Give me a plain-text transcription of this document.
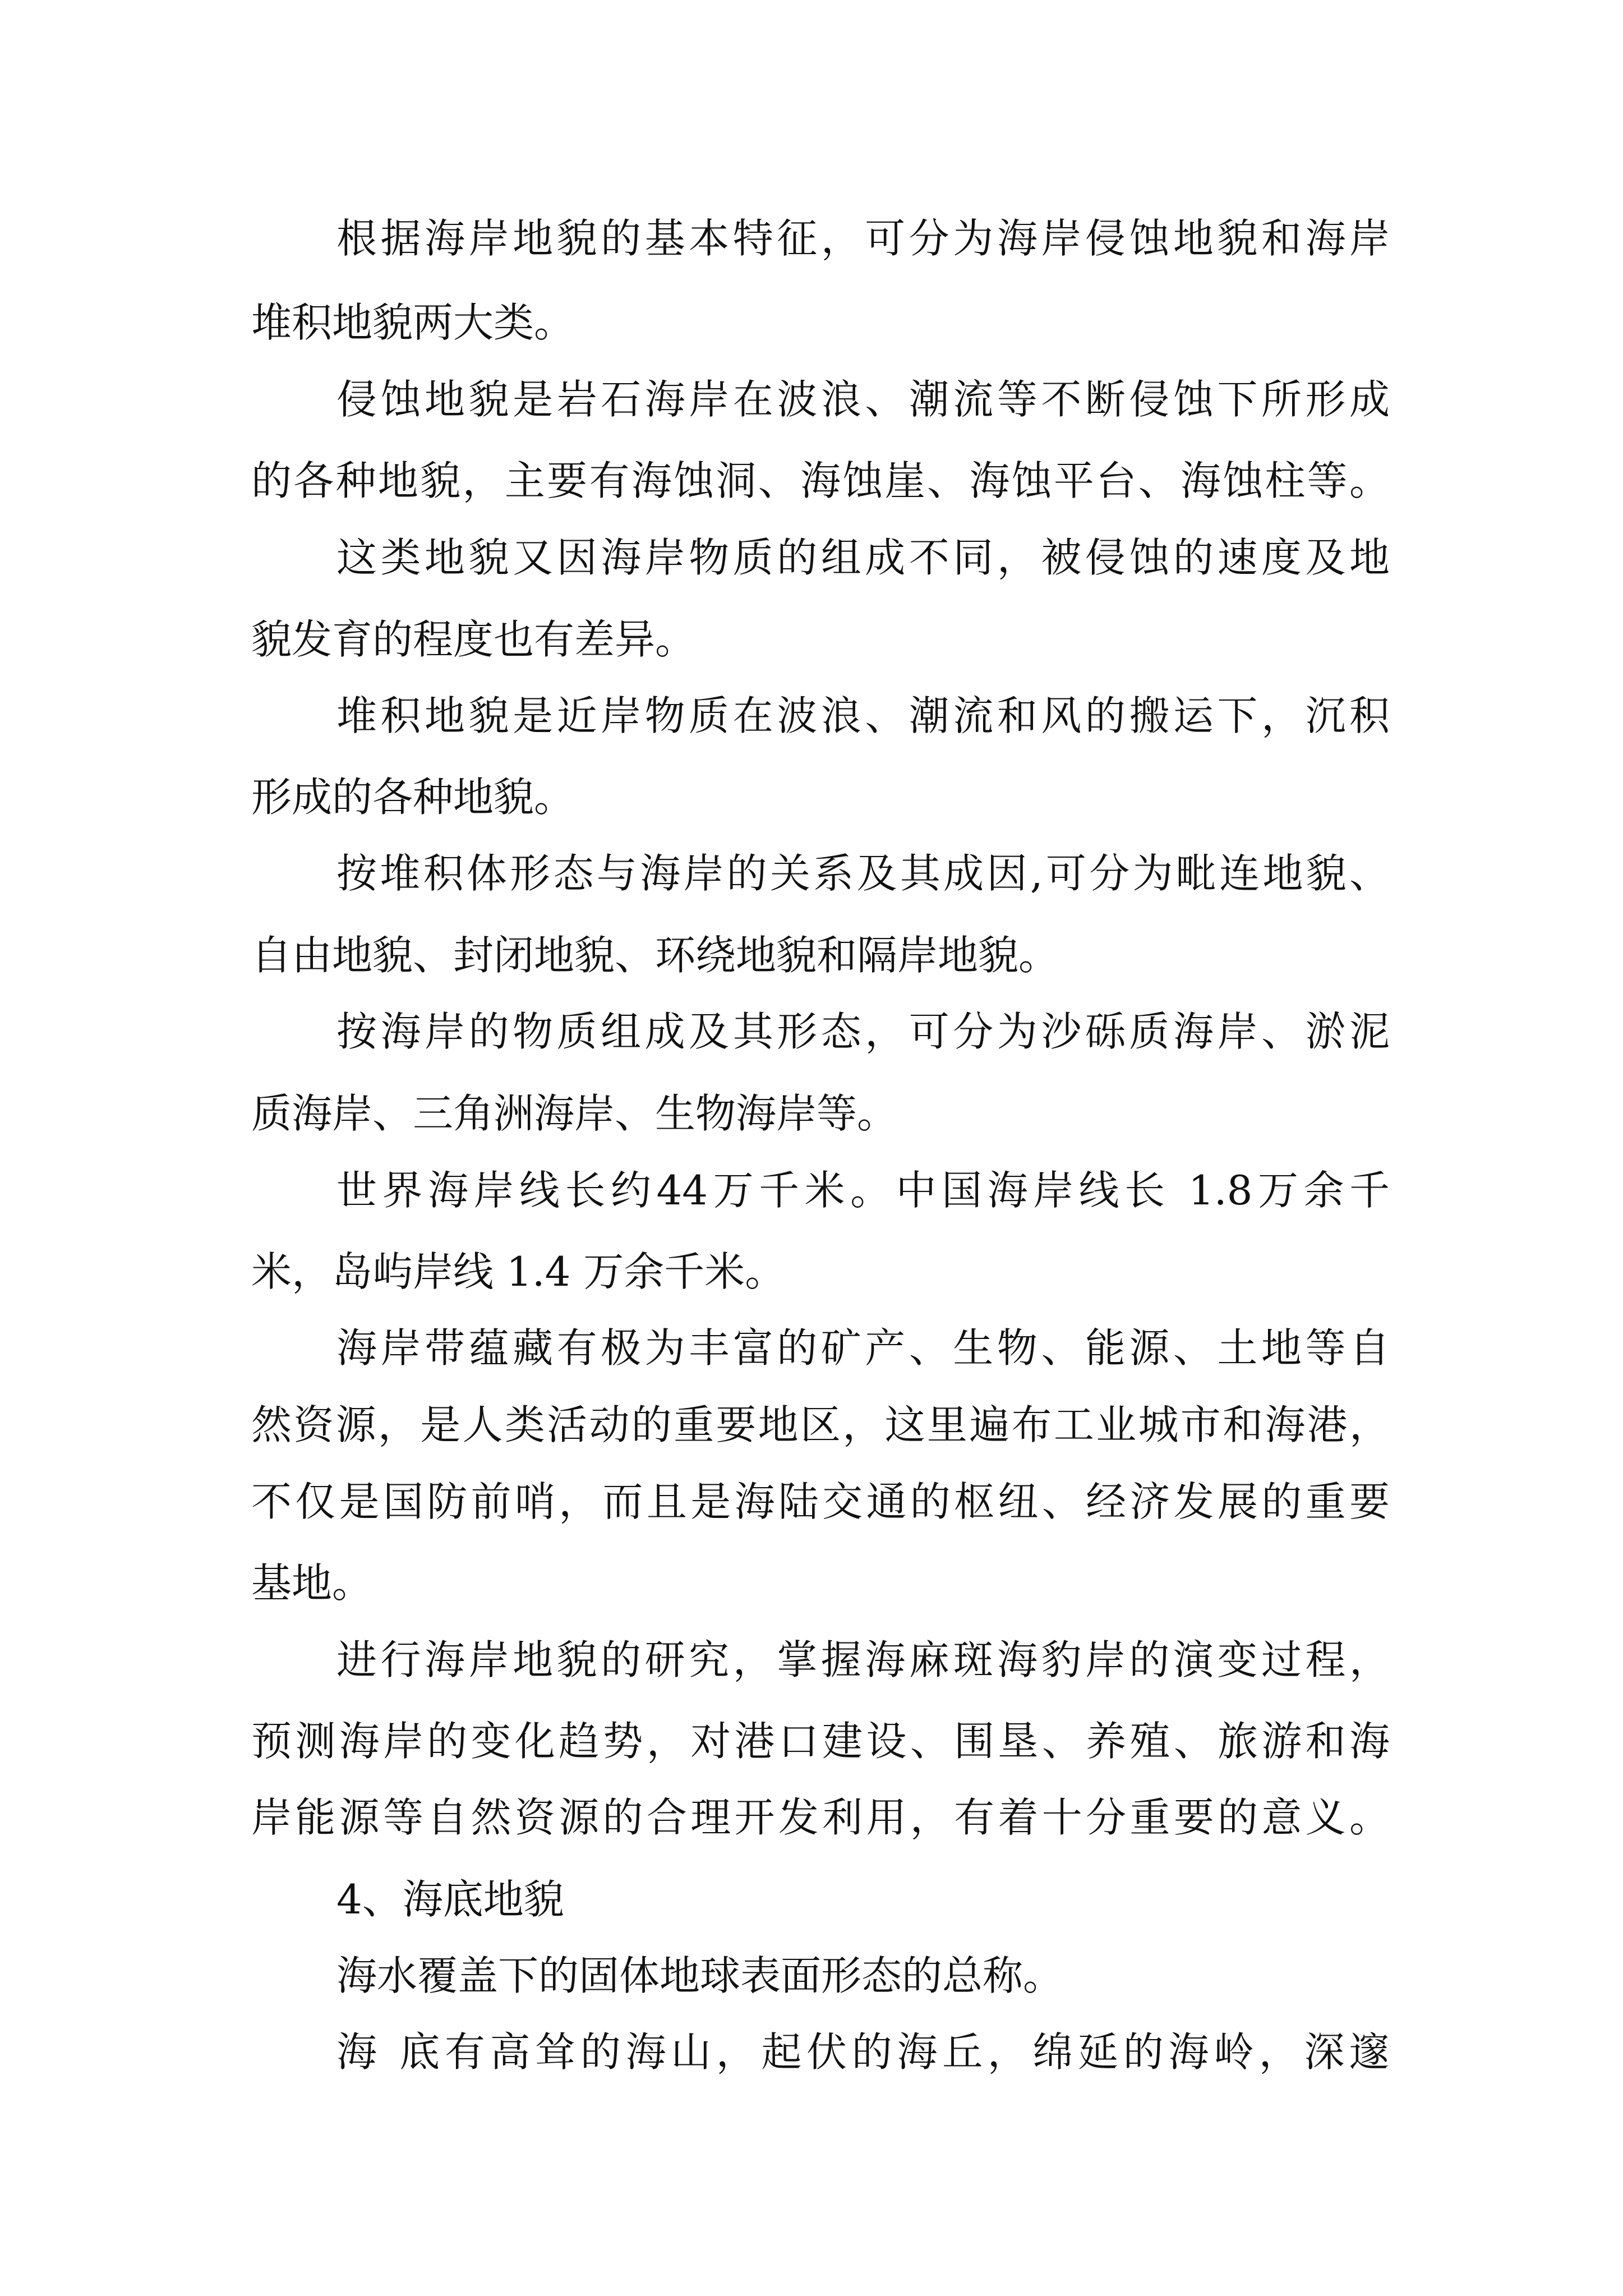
根据海岸地貌的基本特征，可分为海岸侵蚀地貌和海岸
堆积地貌两大类。
侵蚀地貌是岩石海岸在波浪、潮流等不断侵蚀下所形成
的各种地貌，主要有海蚀洞、海蚀崖、海蚀平台、海蚀柱等。
这类地貌又因海岸物质的组成不同，被侵蚀的速度及地
貌发育的程度也有差异。
堆积地貌是近岸物质在波浪、潮流和风的搬运下，沉积
形成的各种地貌。
按堆积体形态与海岸的关系及其成因,可分为毗连地貌、
自由地貌、封闭地貌、环绕地貌和隔岸地貌。
按海岸的物质组成及其形态，可分为沙砾质海岸、淤泥
质海岸、三角洲海岸、生物海岸等。
世界海岸线长约44万千米。中国海岸线长 1.8万余千
米，岛屿岸线 1.4 万余千米。
海岸带蕴藏有极为丰富的矿产、生物、能源、土地等自
然资源，是人类活动的重要地区，这里遍布工业城市和海港，
不仅是国防前哨，而且是海陆交通的枢纽、经济发展的重要
基地。
进行海岸地貌的研究，掌握海麻斑海豹岸的演变过程，
预测海岸的变化趋势，对港口建设、围垦、养殖、旅游和海
岸能源等自然资源的合理开发利用，有着十分重要的意义。
4、海底地貌
海水覆盖下的固体地球表面形态的总称。
海 底有高耸的海山，起伏的海丘，绵延的海岭，深邃
